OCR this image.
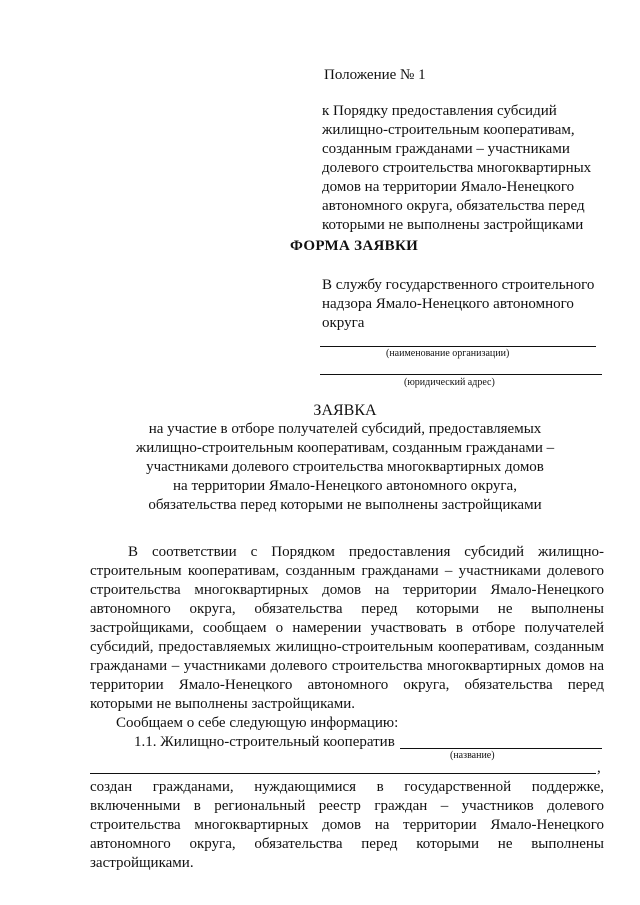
Положение № 1
к Порядку предоставления субсидий
жилищно-строительным кооперативам,
созданным гражданами – участниками
долевого строительства многоквартирных
домов на территории Ямало-Ненецкого
автономного округа, обязательства перед
которыми не выполнены застройщиками
ФОРМА ЗАЯВКИ
В службу государственного строительного
надзора Ямало-Ненецкого автономного
округа
(наименование организации)
(юридический адрес)
ЗАЯВКА
на участие в отборе получателей субсидий, предоставляемых
жилищно-строительным кооперативам, созданным гражданами –
участниками долевого строительства многоквартирных домов
на территории Ямало-Ненецкого автономного округа,
обязательства перед которыми не выполнены застройщиками
В соответствии с Порядком предоставления субсидий жилищно-
строительным кооперативам, созданным гражданами – участниками долевого
строительства многоквартирных домов на территории Ямало-Ненецкого
автономного округа, обязательства перед которыми не выполнены
застройщиками, сообщаем о намерении участвовать в отборе получателей
субсидий, предоставляемых жилищно-строительным кооперативам, созданным
гражданами – участниками долевого строительства многоквартирных домов на
территории Ямало-Ненецкого автономного округа, обязательства перед
которыми не выполнены застройщиками.
Сообщаем о себе следующую информацию:
1.1. Жилищно-строительный кооператив
(название)
,
создан гражданами, нуждающимися в государственной поддержке,
включенными в региональный реестр граждан – участников долевого
строительства многоквартирных домов на территории Ямало-Ненецкого
автономного округа, обязательства перед которыми не выполнены
застройщиками.
